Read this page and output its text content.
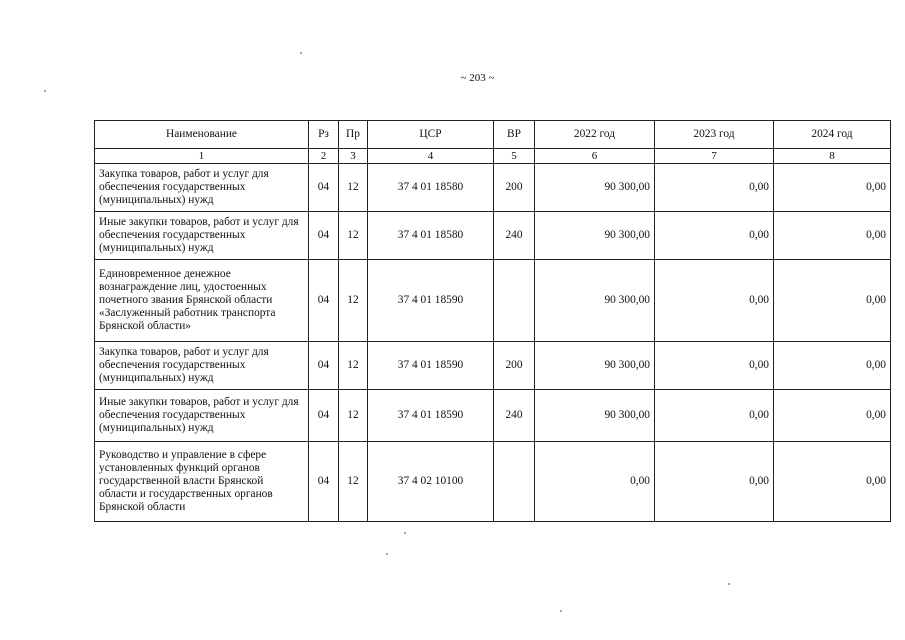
~ 203 ~
Наименование	Рз	Пр	ЦСР	ВР	2022 год	2023 год	2024 год
1	2	3	4	5	6	7	8
Закупка товаров, работ и услуг для обеспечения государственных (муниципальных) нужд	04	12	37 4 01 18580	200	90 300,00	0,00	0,00
Иные закупки товаров, работ и услуг для обеспечения государственных (муниципальных) нужд	04	12	37 4 01 18580	240	90 300,00	0,00	0,00
Единовременное денежное вознаграждение лиц, удостоенных почетного звания Брянской области «Заслуженный работник транспорта Брянской области»	04	12	37 4 01 18590		90 300,00	0,00	0,00
Закупка товаров, работ и услуг для обеспечения государственных (муниципальных) нужд	04	12	37 4 01 18590	200	90 300,00	0,00	0,00
Иные закупки товаров, работ и услуг для обеспечения государственных (муниципальных) нужд	04	12	37 4 01 18590	240	90 300,00	0,00	0,00
Руководство и управление в сфере установленных функций органов государственной власти Брянской области и государственных органов Брянской области	04	12	37 4 02 10100		0,00	0,00	0,00
